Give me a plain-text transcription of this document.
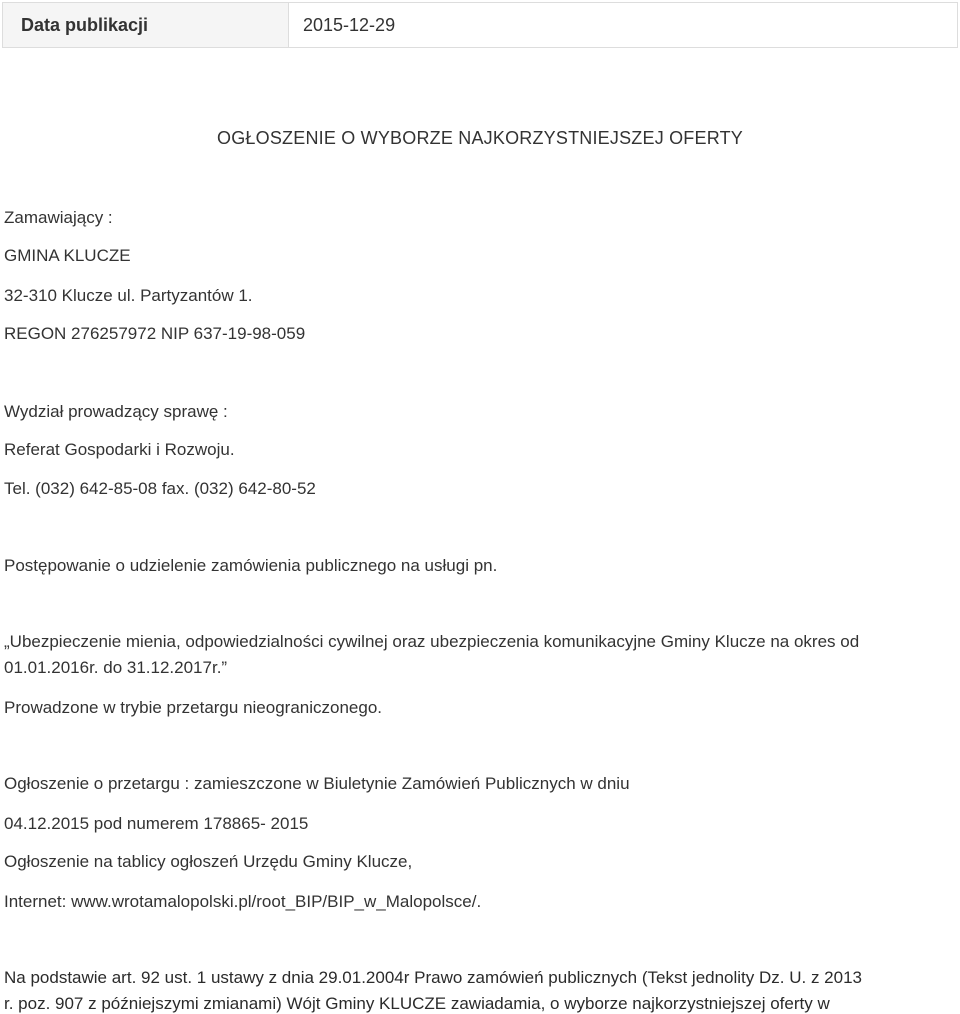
Data publikacji	2015-12-29
OGŁOSZENIE O WYBORZE NAJKORZYSTNIEJSZEJ OFERTY
Zamawiający :
GMINA KLUCZE
32-310 Klucze ul. Partyzantów 1.
REGON 276257972 NIP 637-19-98-059
Wydział prowadzący sprawę :
Referat Gospodarki i Rozwoju.
Tel. (032) 642-85-08 fax. (032) 642-80-52
Postępowanie o udzielenie zamówienia publicznego na usługi pn.
„Ubezpieczenie mienia, odpowiedzialności cywilnej oraz ubezpieczenia komunikacyjne Gminy Klucze na okres od
01.01.2016r. do 31.12.2017r.”
Prowadzone w trybie przetargu nieograniczonego.
Ogłoszenie o przetargu : zamieszczone w Biuletynie Zamówień Publicznych w dniu
04.12.2015 pod numerem 178865- 2015
Ogłoszenie na tablicy ogłoszeń Urzędu Gminy Klucze,
Internet: www.wrotamalopolski.pl/root_BIP/BIP_w_Malopolsce/.
Na podstawie art. 92 ust. 1 ustawy z dnia 29.01.2004r Prawo zamówień publicznych (Tekst jednolity Dz. U. z 2013
r. poz. 907 z późniejszymi zmianami) Wójt Gminy KLUCZE zawiadamia, o wyborze najkorzystniejszej oferty w
